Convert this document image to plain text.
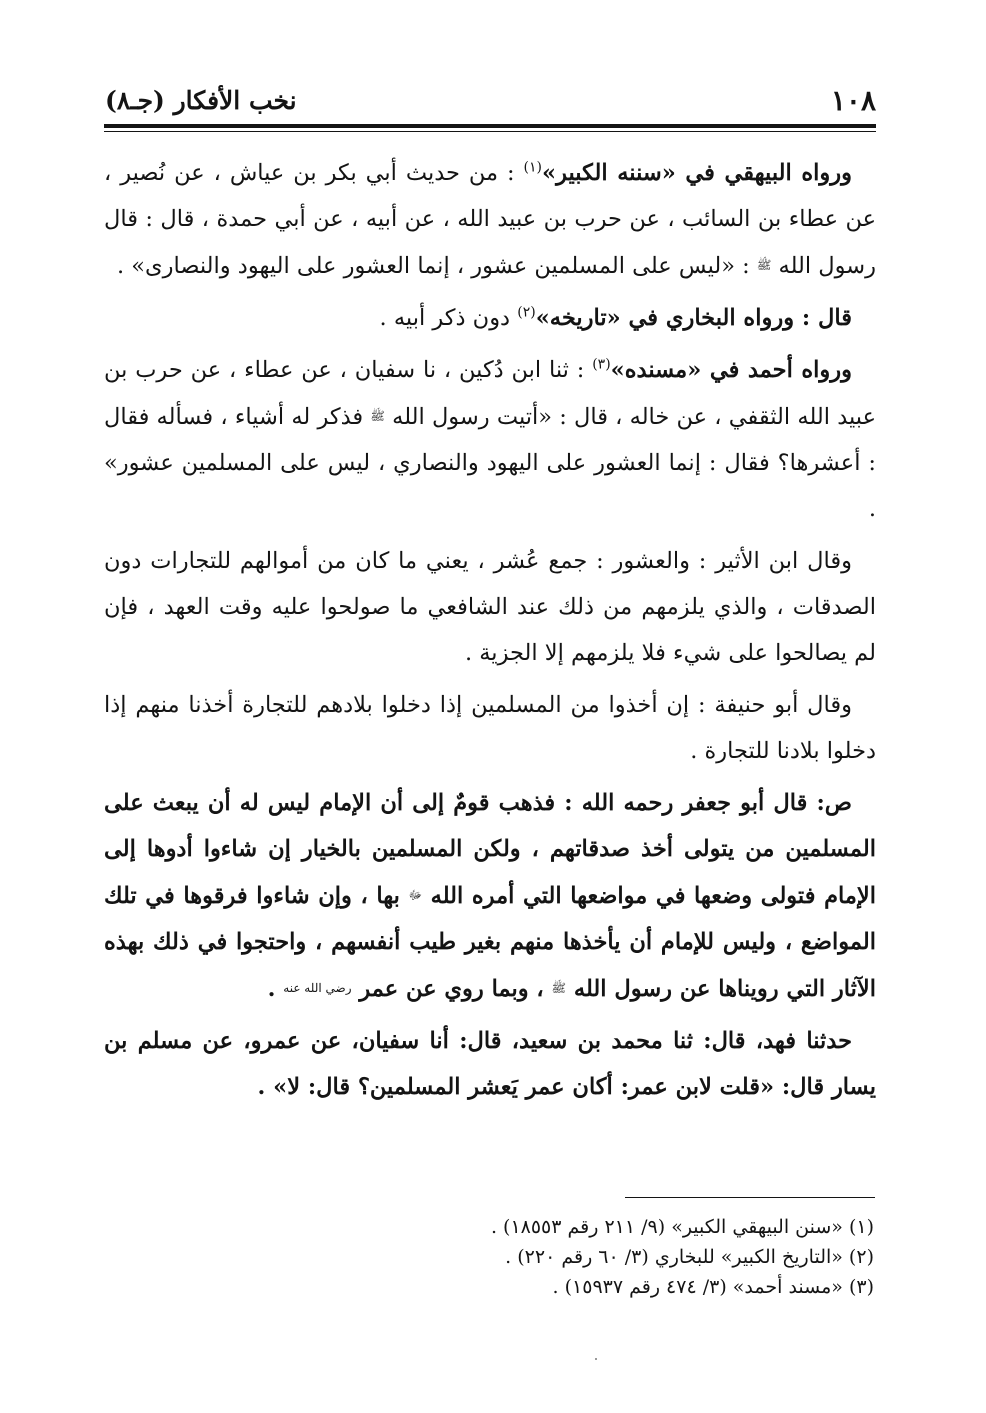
١٠٨
نخب الأفكار (جـ٨)

ورواه البيهقي في «سننه الكبير»$^{(١)}$ : من حديث أبي بكر بن عياش ، عن نُصير ، عن عطاء بن السائب ، عن حرب بن عبيد الله ، عن أبيه ، عن أبي حمدة ، قال : قال رسول الله ﷺ : «ليس على المسلمين عشور ، إنما العشور على اليهود والنصارى» .

قال : ورواه البخاري في «تاريخه»$^{(٢)}$ دون ذكر أبيه .

ورواه أحمد في «مسنده»$^{(٣)}$ : ثنا ابن دُكين ، نا سفيان ، عن عطاء ، عن حرب بن عبيد الله الثقفي ، عن خاله ، قال : «أتيت رسول الله ﷺ فذكر له أشياء ، فسأله فقال : أعشرها؟ فقال : إنما العشور على اليهود والنصاري ، ليس على المسلمين عشور» .

وقال ابن الأثير : والعشور : جمع عُشر ، يعني ما كان من أموالهم للتجارات دون الصدقات ، والذي يلزمهم من ذلك عند الشافعي ما صولحوا عليه وقت العهد ، فإن لم يصالحوا على شيء فلا يلزمهم إلا الجزية .

وقال أبو حنيفة : إن أخذوا من المسلمين إذا دخلوا بلادهم للتجارة أخذنا منهم إذا دخلوا بلادنا للتجارة .

ص: قال أبو جعفر رحمه الله : فذهب قومٌ إلى أن الإمام ليس له أن يبعث على المسلمين من يتولى أخذ صدقاتهم ، ولكن المسلمين بالخيار إن شاءوا أدوها إلى الإمام فتولى وضعها في مواضعها التي أمره الله ﷻ بها ، وإن شاءوا فرقوها في تلك المواضع ، وليس للإمام أن يأخذها منهم بغير طيب أنفسهم ، واحتجوا في ذلك بهذه الآثار التي رويناها عن رسول الله ﷺ ، وبما روي عن عمر رضي الله عنه .

حدثنا فهد، قال: ثنا محمد بن سعيد، قال: أنا سفيان، عن عمرو، عن مسلم بن يسار قال: «قلت لابن عمر: أكان عمر يَعشر المسلمين؟ قال: لا» .

(١) «سنن البيهقي الكبير» (٩/ ٢١١ رقم ١٨٥٥٣) .
(٢) «التاريخ الكبير» للبخاري (٣/ ٦٠ رقم ٢٢٠) .
(٣) «مسند أحمد» (٣/ ٤٧٤ رقم ١٥٩٣٧) .
